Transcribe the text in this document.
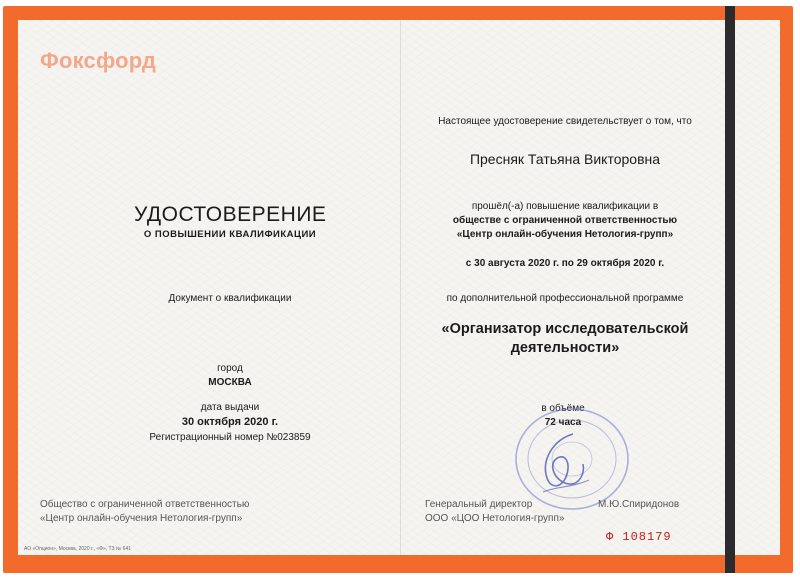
Фоксфорд
УДОСТОВЕРЕНИЕ
О ПОВЫШЕНИИ КВАЛИФИКАЦИИ
Документ о квалификации
город
МОСКВА
дата выдачи
30 октября 2020 г.
Регистрационный номер №023859
Общество с ограниченной ответственностью
«Центр онлайн-обучения Нетология-групп»
АО «Опцион», Москва, 2020 г., «Ф», ТЗ № 641
Настоящее удостоверение свидетельствует о том, что
Пресняк Татьяна Викторовна
прошёл(-а) повышение квалификации в
обществе с ограниченной ответственностью
«Центр онлайн-обучения Нетология-групп»
с 30 августа 2020 г. по 29 октября 2020 г.
по дополнительной профессиональной программе
«Организатор исследовательской
деятельности»
в объёме
72 часа
Генеральный директор
ООО «ЦОО Нетология-групп»
М.Ю.Спиридонов
Ф 108179
